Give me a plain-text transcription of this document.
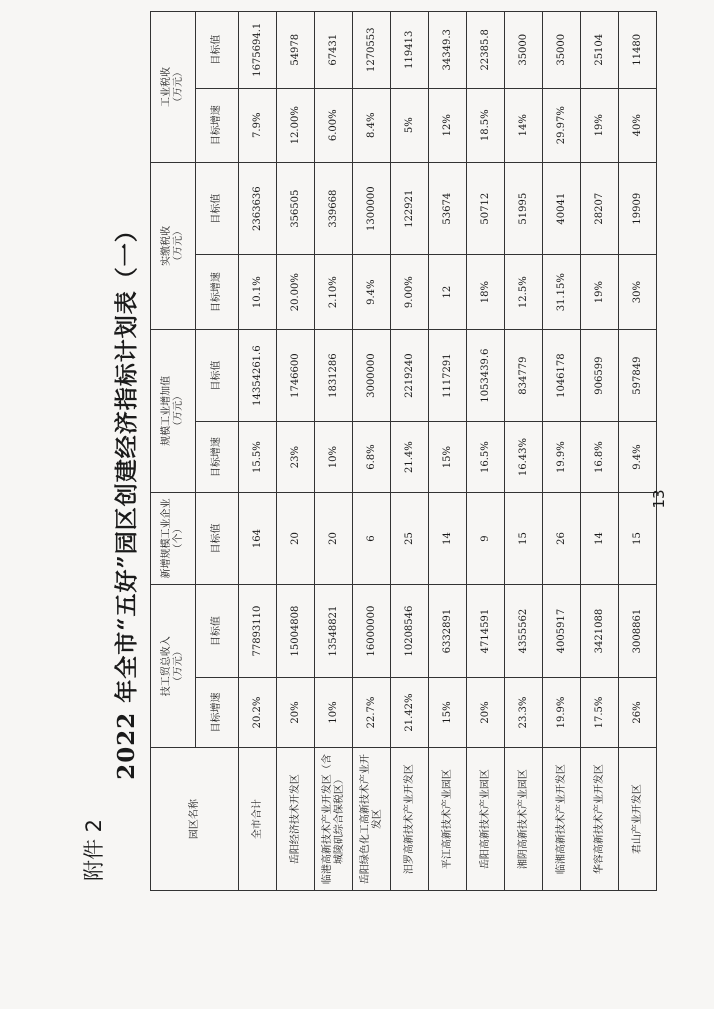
附件 2
2022 年全市“五好”园区创建经济指标计划表（一）
园区名称	技工贸总收入 （万元）		新增规模工业企业 （个）	规模工业增加值 （万元）		实缴税收 （万元）		工业税收 （万元）	

	目标增速	目标值	目标值	目标增速	目标值	目标增速	目标值	目标增速	目标值
全市合计	20.2%	77893110	164	15.5%	14354261.6	10.1%	2363636	7.9%	1675694.1
岳阳经济技术开发区	20%	15004808	20	23%	1746600	20.00%	356505	12.00%	54978
临港高新技术产业开发区（含城陵矶综合保税区）	10%	13548821	20	10%	1831286	2.10%	339668	6.00%	67431
岳阳绿色化工高新技术产业开发区	22.7%	16000000	6	6.8%	3000000	9.4%	1300000	8.4%	1270553
汨罗高新技术产业开发区	21.42%	10208546	25	21.4%	2219240	9.00%	122921	5%	119413
平江高新技术产业园区	15%	6332891	14	15%	1117291	12	53674	12%	34349.3
岳阳高新技术产业园区	20%	4714591	9	16.5%	1053439.6	18%	50712	18.5%	22385.8
湘阴高新技术产业园区	23.3%	4355562	15	16.43%	834779	12.5%	51995	14%	35000
临湘高新技术产业开发区	19.9%	4005917	26	19.9%	1046178	31.15%	40041	29.97%	35000
华容高新技术产业开发区	17.5%	3421088	14	16.8%	906599	19%	28207	19%	25104
君山产业开发区	26%	3008861	15	9.4%	597849	30%	19909	40%	11480
13
